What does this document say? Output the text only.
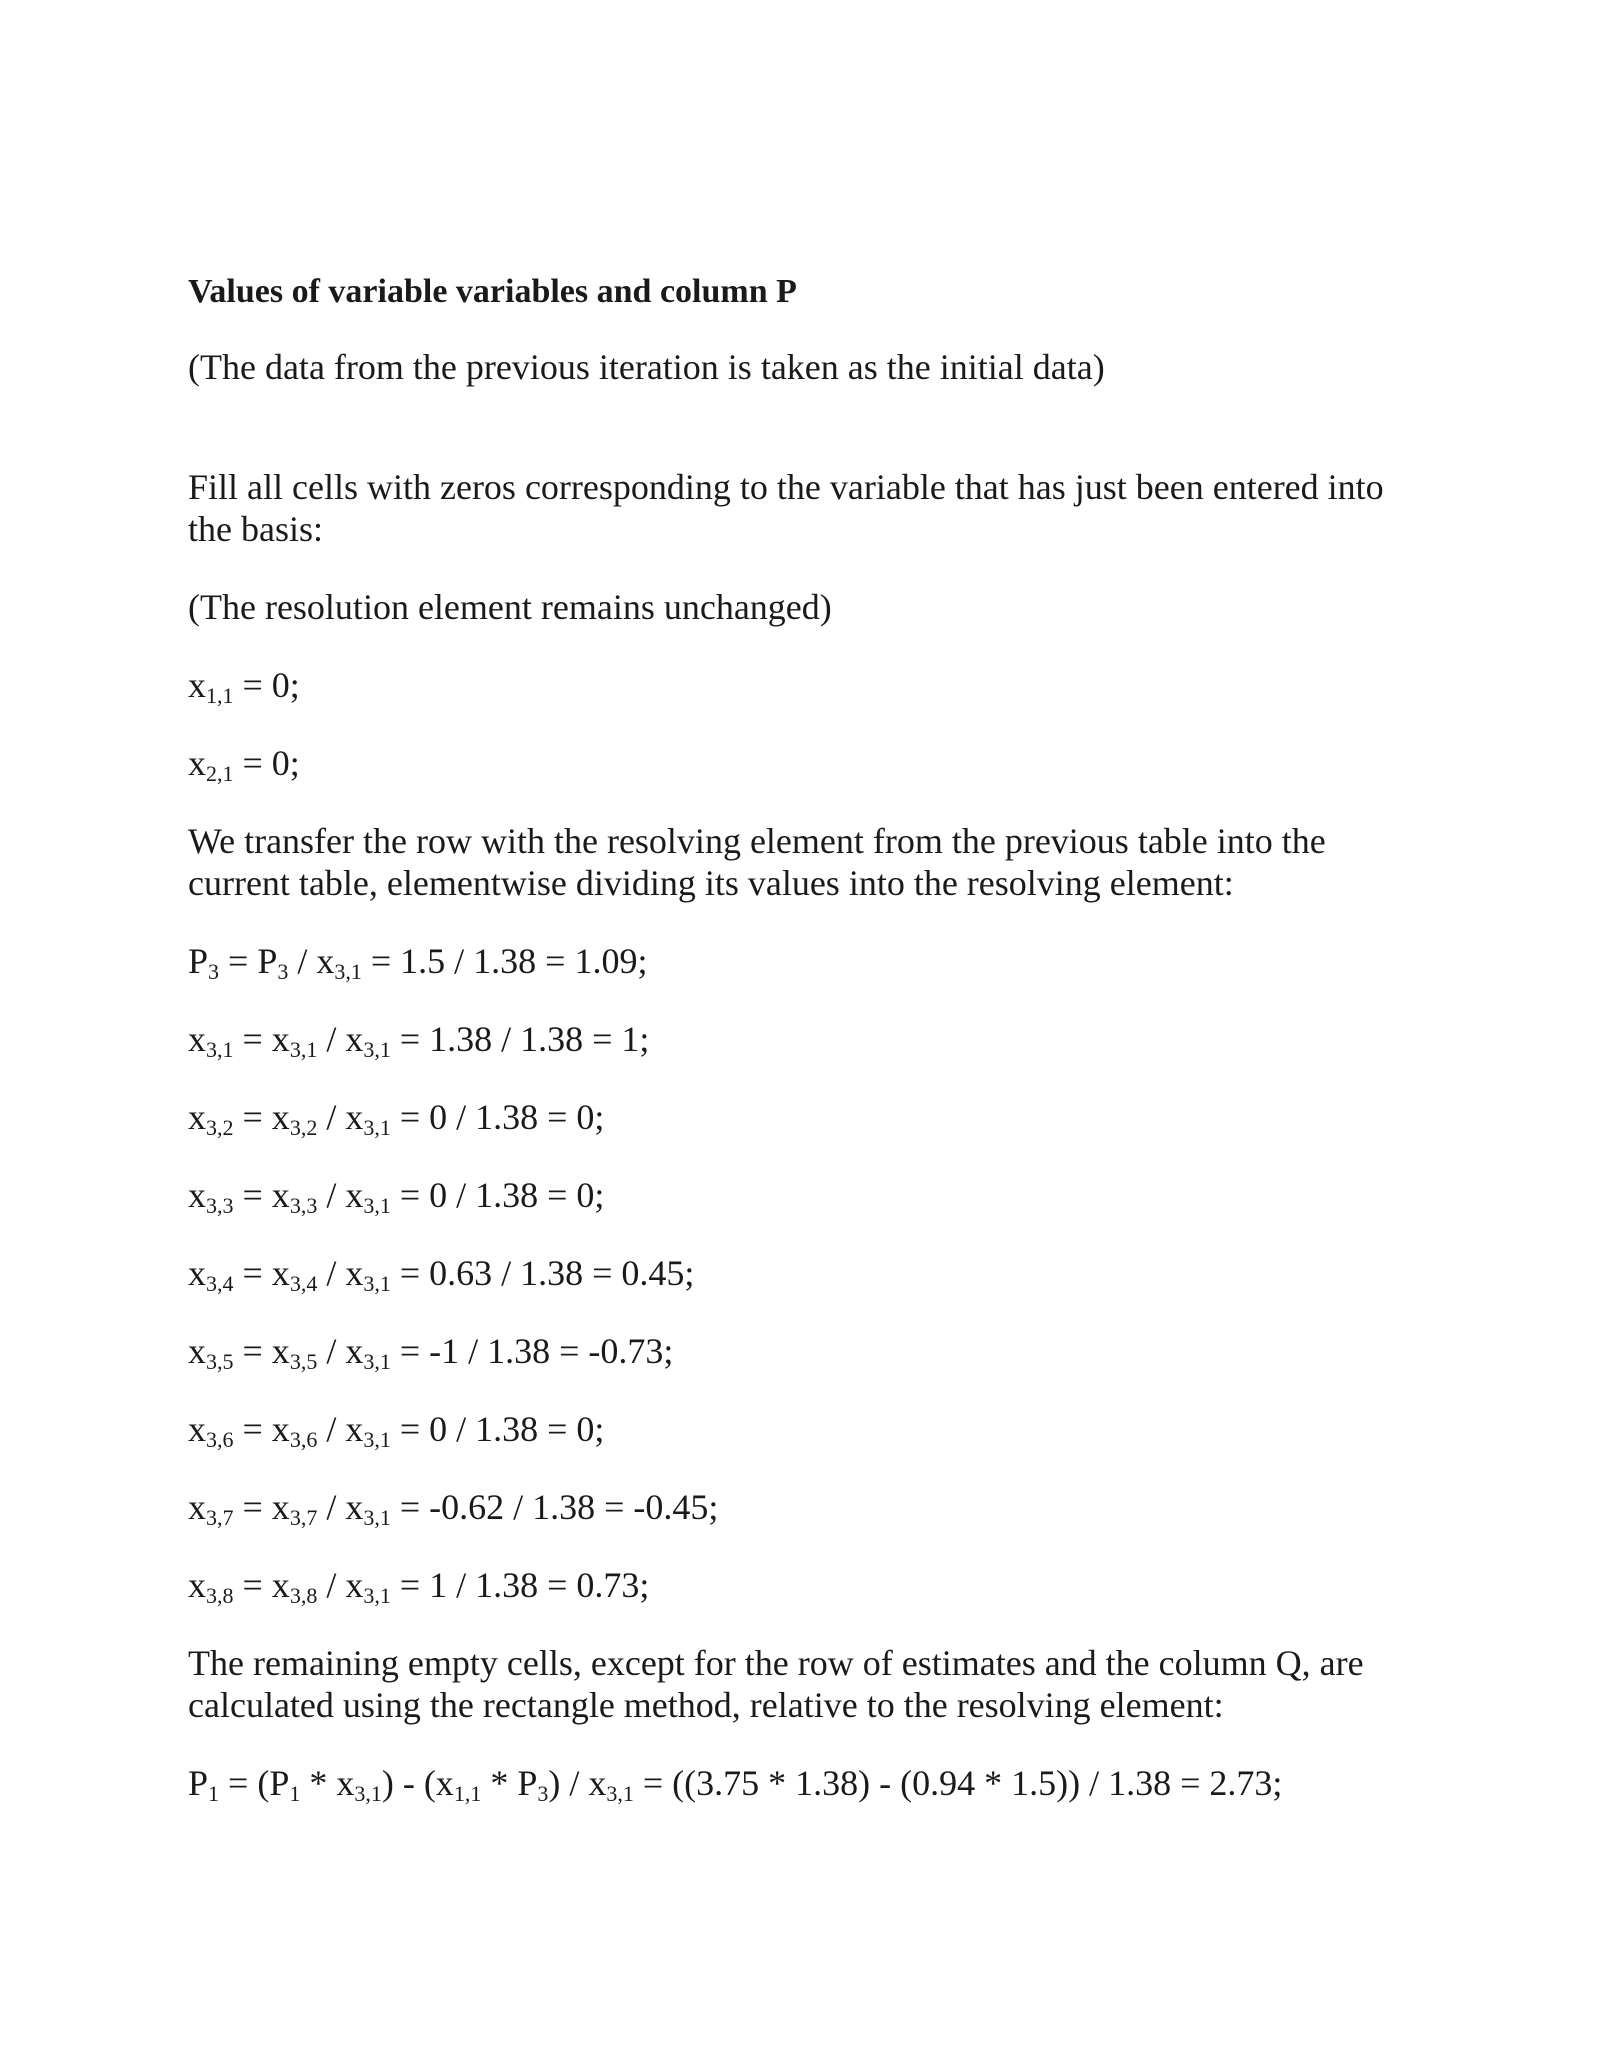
Values of variable variables and column P
(The data from the previous iteration is taken as the initial data)
Fill all cells with zeros corresponding to the variable that has just been entered into the basis:
(The resolution element remains unchanged)
$x_{1,1} = 0$;
$x_{2,1} = 0$;
We transfer the row with the resolving element from the previous table into the current table, elementwise dividing its values into the resolving element:
$P_3 = P_3 / x_{3,1} = 1.5 / 1.38 = 1.09$;
$x_{3,1} = x_{3,1} / x_{3,1} = 1.38 / 1.38 = 1$;
$x_{3,2} = x_{3,2} / x_{3,1} = 0 / 1.38 = 0$;
$x_{3,3} = x_{3,3} / x_{3,1} = 0 / 1.38 = 0$;
$x_{3,4} = x_{3,4} / x_{3,1} = 0.63 / 1.38 = 0.45$;
$x_{3,5} = x_{3,5} / x_{3,1} = -1 / 1.38 = -0.73$;
$x_{3,6} = x_{3,6} / x_{3,1} = 0 / 1.38 = 0$;
$x_{3,7} = x_{3,7} / x_{3,1} = -0.62 / 1.38 = -0.45$;
$x_{3,8} = x_{3,8} / x_{3,1} = 1 / 1.38 = 0.73$;
The remaining empty cells, except for the row of estimates and the column Q, are calculated using the rectangle method, relative to the resolving element:
$P_1 = (P_1 * x_{3,1}) - (x_{1,1} * P_3) / x_{3,1} = ((3.75 * 1.38) - (0.94 * 1.5)) / 1.38 = 2.73$;
